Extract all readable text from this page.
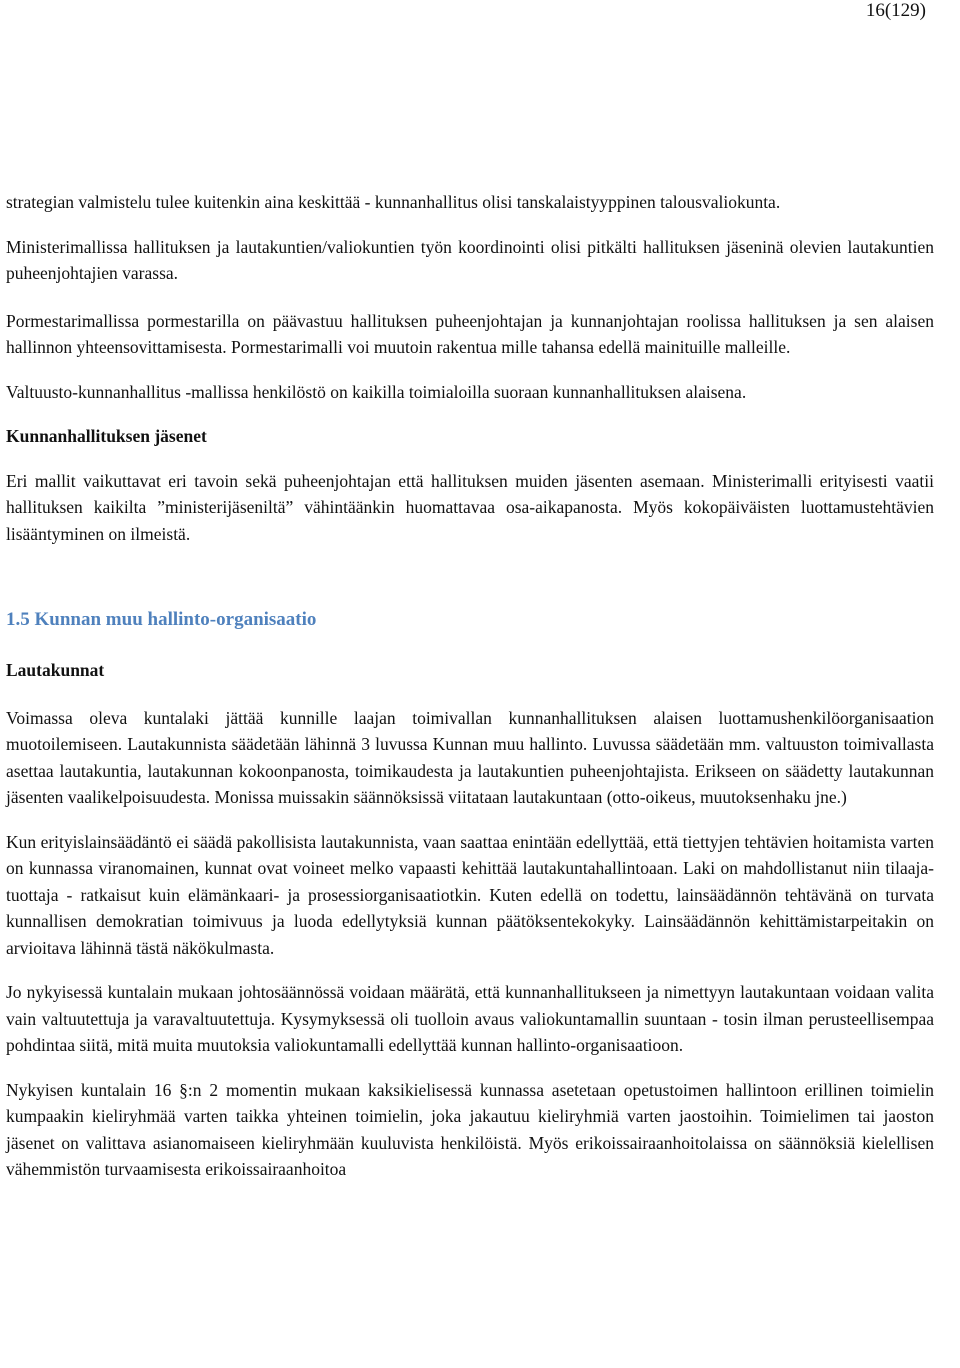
16(129)

strategian valmistelu tulee kuitenkin aina keskittää - kunnanhallitus olisi tanskalaistyyppinen talousvaliokunta.

Ministerimallissa hallituksen ja lautakuntien/valiokuntien työn koordinointi olisi pitkälti hallituksen jäseninä olevien lautakuntien puheenjohtajien varassa.

Pormestarimallissa pormestarilla on päävastuu hallituksen puheenjohtajan ja kunnanjohtajan roolissa hallituksen ja sen alaisen hallinnon yhteensovittamisesta. Pormestarimalli voi muutoin rakentua mille tahansa edellä mainituille malleille.

Valtuusto-kunnanhallitus -mallissa henkilöstö on kaikilla toimialoilla suoraan kunnanhallituksen alaisena.

Kunnanhallituksen jäsenet

Eri mallit vaikuttavat eri tavoin sekä puheenjohtajan että hallituksen muiden jäsenten asemaan. Ministerimalli erityisesti vaatii hallituksen kaikilta ”ministerijäseniltä” vähintäänkin huomattavaa osa-aikapanosta. Myös kokopäiväisten luottamustehtävien lisääntyminen on ilmeistä.

1.5 Kunnan muu hallinto-organisaatio

Lautakunnat

Voimassa oleva kuntalaki jättää kunnille laajan toimivallan kunnanhallituksen alaisen luottamushenkilöorganisaation muotoilemiseen. Lautakunnista säädetään lähinnä 3 luvussa Kunnan muu hallinto. Luvussa säädetään mm. valtuuston toimivallasta asettaa lautakuntia, lautakunnan kokoonpanosta, toimikaudesta ja lautakuntien puheenjohtajista. Erikseen on säädetty lautakunnan jäsenten vaalikelpoisuudesta. Monissa muissakin säännöksissä viitataan lautakuntaan (otto-oikeus, muutoksenhaku jne.)

Kun erityislainsäädäntö ei säädä pakollisista lautakunnista, vaan saattaa enintään edellyttää, että tiettyjen tehtävien hoitamista varten on kunnassa viranomainen, kunnat ovat voineet melko vapaasti kehittää lautakuntahallintoaan. Laki on mahdollistanut niin tilaaja-tuottaja - ratkaisut kuin elämänkaari- ja prosessiorganisaatiotkin. Kuten edellä on todettu, lainsäädännön tehtävänä on turvata kunnallisen demokratian toimivuus ja luoda edellytyksiä kunnan päätöksentekokyky. Lainsäädännön kehittämistarpeitakin on arvioitava lähinnä tästä näkökulmasta.

Jo nykyisessä kuntalain mukaan johtosäännössä voidaan määrätä, että kunnanhallitukseen ja nimettyyn lautakuntaan voidaan valita vain valtuutettuja ja varavaltuutettuja. Kysymyksessä oli tuolloin avaus valiokuntamallin suuntaan - tosin ilman perusteellisempaa pohdintaa siitä, mitä muita muutoksia valiokuntamalli edellyttää kunnan hallinto-organisaatioon.

Nykyisen kuntalain 16 §:n 2 momentin mukaan kaksikielisessä kunnassa asetetaan opetustoimen hallintoon erillinen toimielin kumpaakin kieliryhmää varten taikka yhteinen toimielin, joka jakautuu kieliryhmiä varten jaostoihin. Toimielimen tai jaoston jäsenet on valittava asianomaiseen kieliryhmään kuuluvista henkilöistä. Myös erikoissairaanhoitolaissa on säännöksiä kielellisen vähemmistön turvaamisesta erikoissairaanhoitoa
